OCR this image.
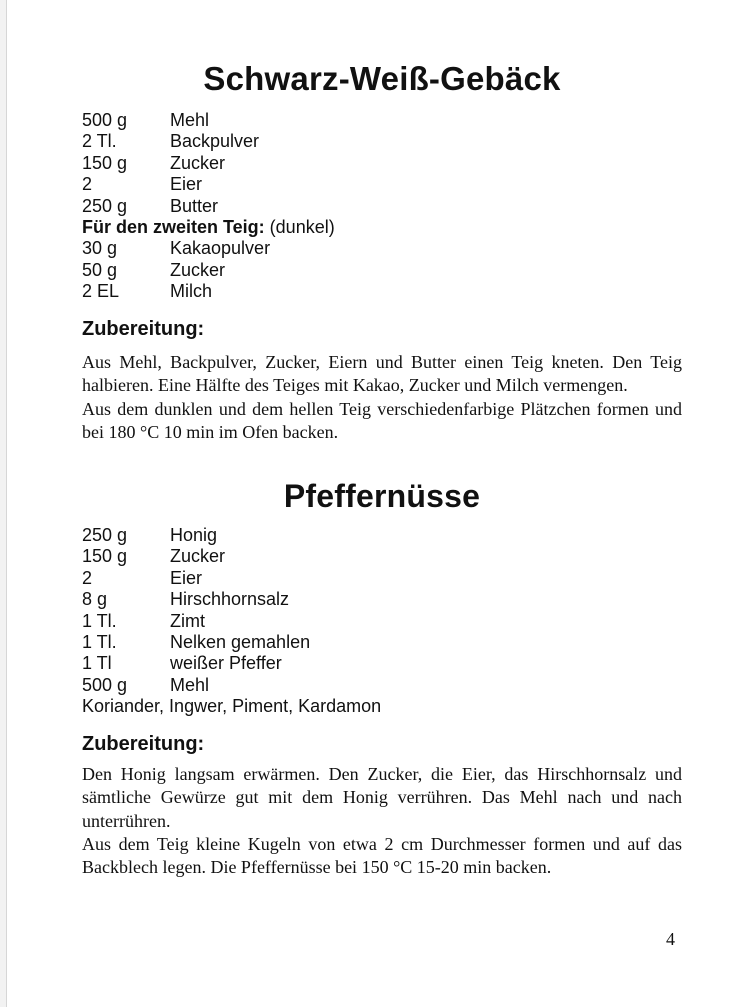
Schwarz-Weiß-Gebäck
500 g Mehl
2 Tl.	Backpulver
150 g Zucker
2	Eier
250 g Butter
Für den zweiten Teig: (dunkel)
30 g	Kakaopulver
50 g	Zucker
2 EL	Milch
Zubereitung:

Aus Mehl, Backpulver, Zucker, Eiern und Butter einen Teig kneten. Den Teig halbieren. Eine Hälfte des Teiges mit Kakao, Zucker und Milch vermengen.

Aus dem dunklen und dem hellen Teig verschiedenfarbige Plätzchen formen und bei 180 °C 10 min im Ofen backen.

Pfeffernüsse
250 g Honig
150 g Zucker
2	Eier
8 g	Hirschhornsalz
1 Tl.	Zimt
1 Tl.	Nelken gemahlen
1 Tl	weißer Pfeffer
500 g Mehl
Koriander, Ingwer, Piment, Kardamon
Zubereitung:

Den Honig langsam erwärmen. Den Zucker, die Eier, das Hirschhornsalz und sämtliche Gewürze gut mit dem Honig verrühren. Das Mehl nach und nach unterrühren.

Aus dem Teig kleine Kugeln von etwa 2 cm Durchmesser formen und auf das Backblech legen. Die Pfeffernüsse bei 150 °C 15-20 min backen.

4
